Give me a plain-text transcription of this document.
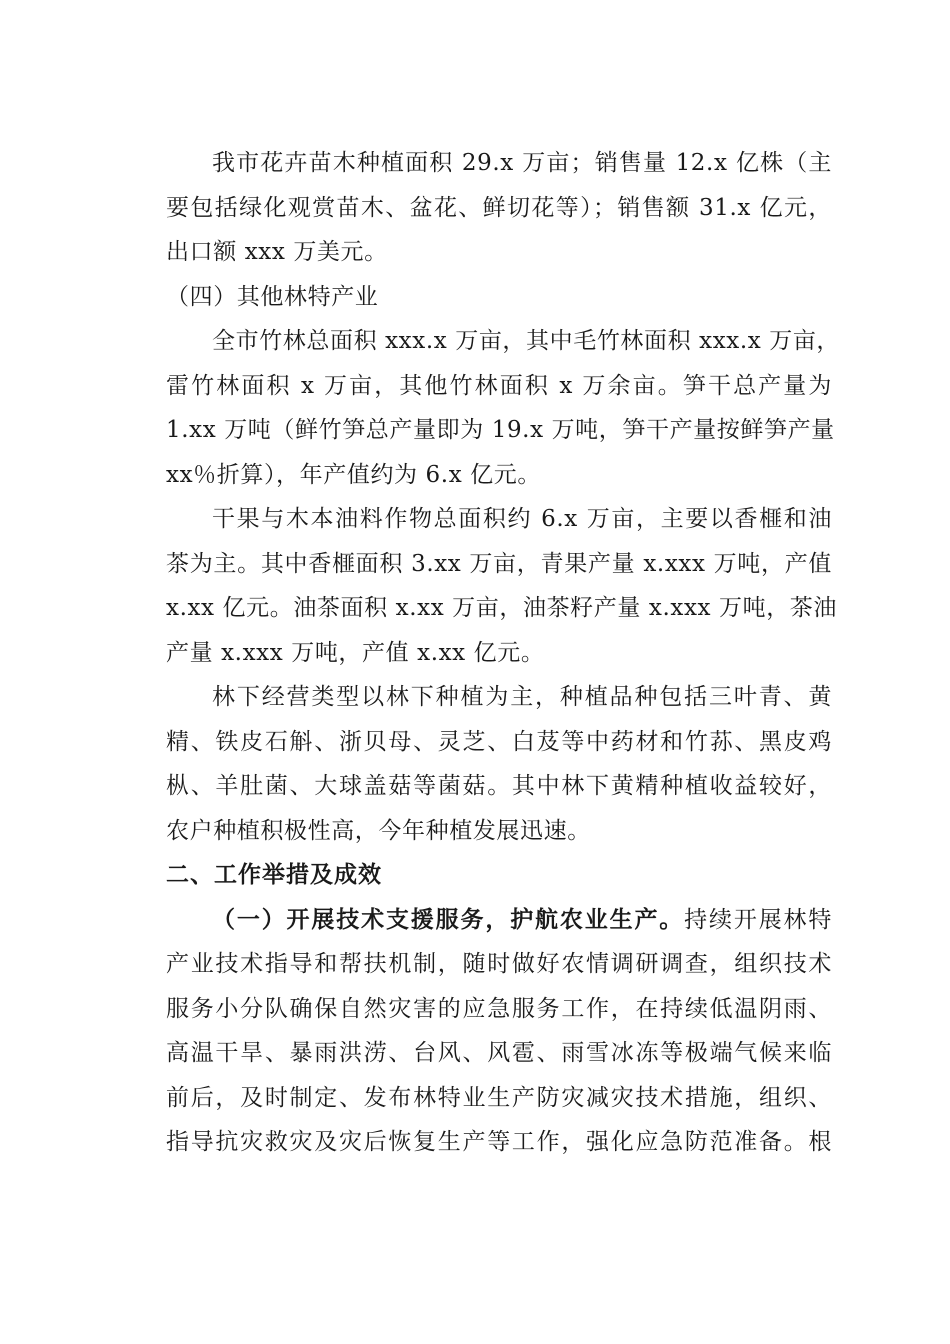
我市花卉苗木种植面积 29.x 万亩；销售量 12.x 亿株（主
要包括绿化观赏苗木、盆花、鲜切花等）；销售额 31.x 亿元，
出口额 xxx 万美元。
（四）其他林特产业
全市竹林总面积 xxx.x 万亩，其中毛竹林面积 xxx.x 万亩，
雷竹林面积 x 万亩，其他竹林面积 x 万余亩。笋干总产量为
1.xx 万吨（鲜竹笋总产量即为 19.x 万吨，笋干产量按鲜笋产量
xx％折算），年产值约为 6.x 亿元。
干果与木本油料作物总面积约 6.x 万亩，主要以香榧和油
茶为主。其中香榧面积 3.xx 万亩，青果产量 x.xxx 万吨，产值
x.xx 亿元。油茶面积 x.xx 万亩，油茶籽产量 x.xxx 万吨，茶油
产量 x.xxx 万吨，产值 x.xx 亿元。
林下经营类型以林下种植为主，种植品种包括三叶青、黄
精、铁皮石斛、浙贝母、灵芝、白芨等中药材和竹荪、黑皮鸡
枞、羊肚菌、大球盖菇等菌菇。其中林下黄精种植收益较好，
农户种植积极性高，今年种植发展迅速。
二、工作举措及成效
（一）开展技术支援服务，护航农业生产。持续开展林特
产业技术指导和帮扶机制，随时做好农情调研调查，组织技术
服务小分队确保自然灾害的应急服务工作，在持续低温阴雨、
高温干旱、暴雨洪涝、台风、风雹、雨雪冰冻等极端气候来临
前后，及时制定、发布林特业生产防灾减灾技术措施，组织、
指导抗灾救灾及灾后恢复生产等工作，强化应急防范准备。根
